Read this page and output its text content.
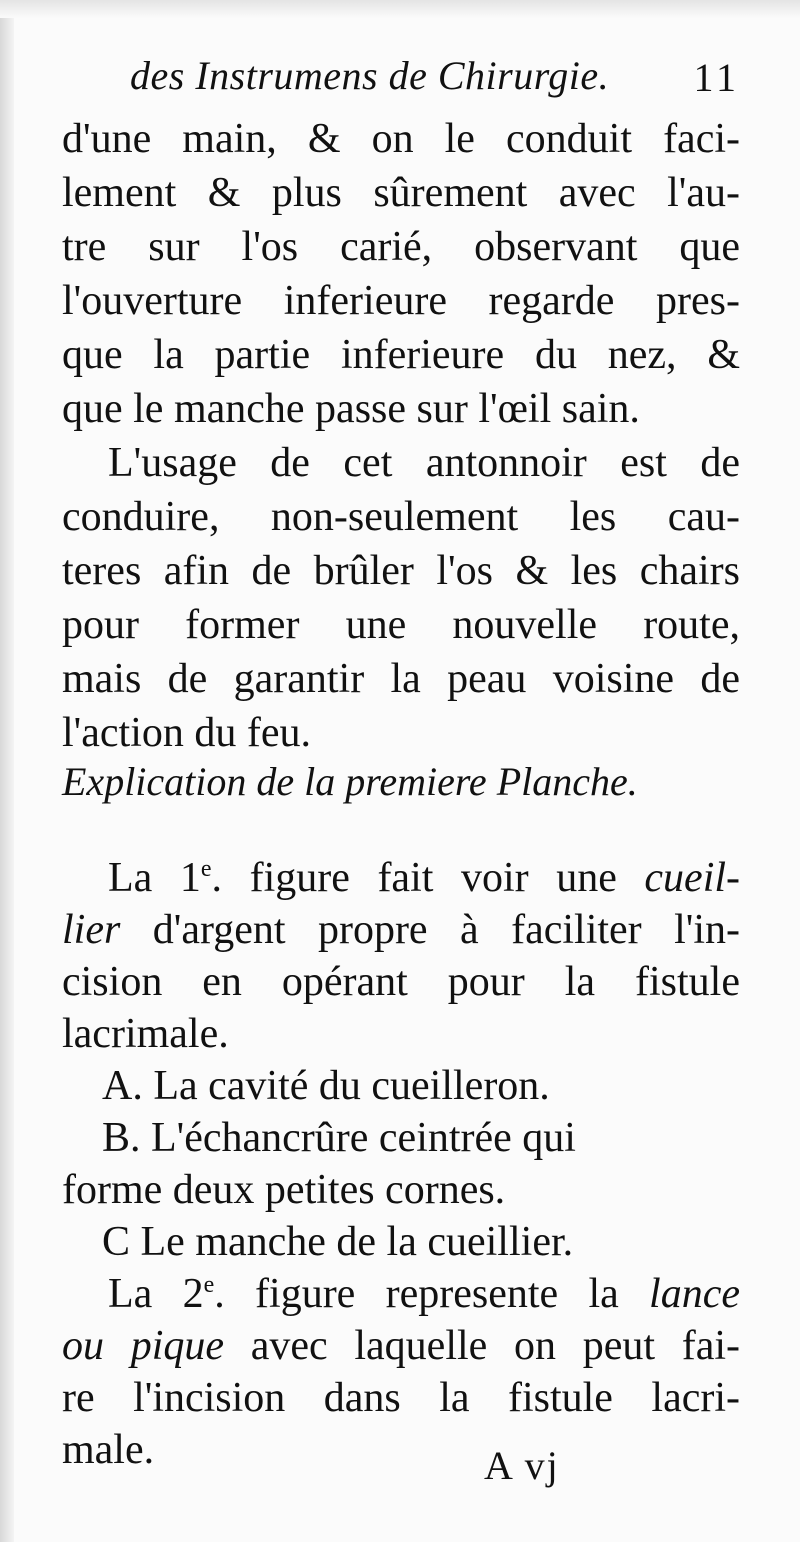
des Instrumens de Chirurgie. 11
d'une main, & on le conduit faci-
lement & plus sûrement avec l'au-
tre sur l'os carié, observant que
l'ouverture inferieure regarde pres-
que la partie inferieure du nez, &
que le manche passe sur l'œil sain.
L'usage de cet antonnoir est de
conduire, non-seulement les cau-
teres afin de brûler l'os & les chairs
pour former une nouvelle route,
mais de garantir la peau voisine de
l'action du feu.
Explication de la premiere Planche.
La 1e. figure fait voir une cueil-
lier d'argent propre à faciliter l'in-
cision en opérant pour la fistule
lacrimale.
A. La cavité du cueilleron.
B. L'échancrûre ceintrée qui
forme deux petites cornes.
C Le manche de la cueillier.
La 2e. figure represente la lance
ou pique avec laquelle on peut fai-
re l'incision dans la fistule lacri-
male.	A vj
